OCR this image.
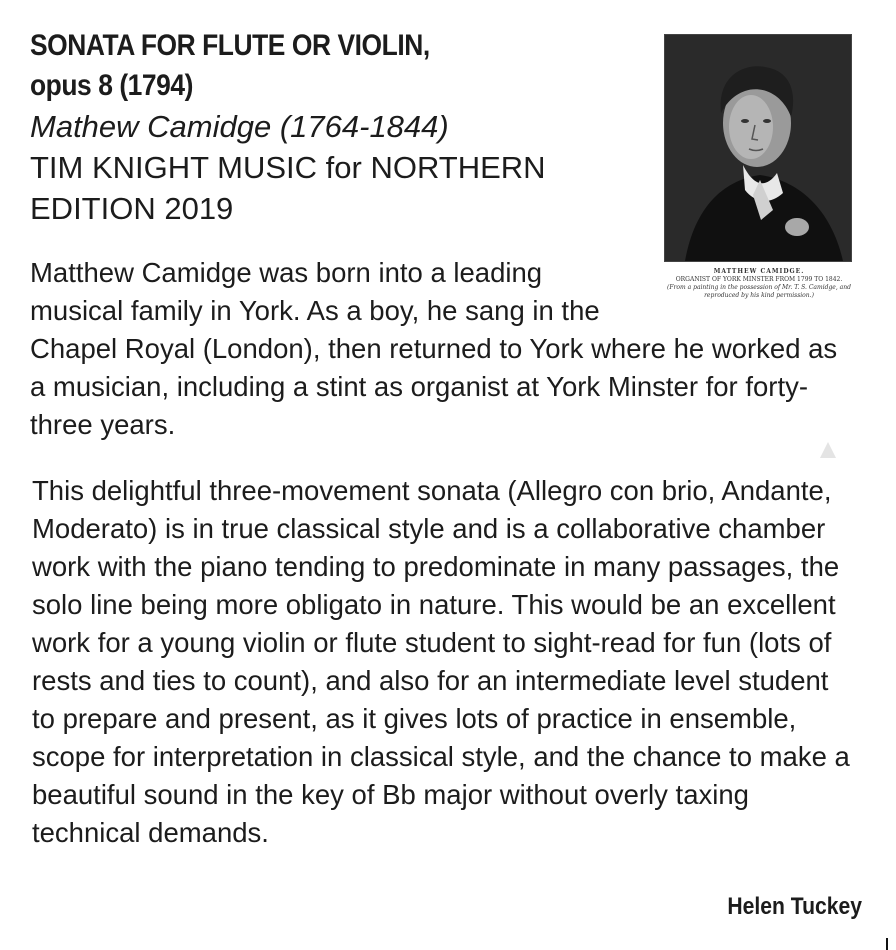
SONATA FOR FLUTE OR VIOLIN,
opus 8 (1794)
Mathew Camidge (1764-1844)
TIM KNIGHT MUSIC for NORTHERN EDITION 2019
MATTHEW CAMIDGE.
ORGANIST OF YORK MINSTER FROM 1799 TO 1842.
(From a painting in the possession of Mr. T. S. Camidge, and reproduced by his kind permission.)

Matthew Camidge was born into a leading musical family in York. As a boy, he sang in the Chapel Royal (London), then returned to York where he worked as a musician, including a stint as organist at York Minster for forty-three years.

This delightful three-movement sonata (Allegro con brio, Andante, Moderato) is in true classical style and is a collaborative chamber work with the piano tending to predominate in many passages, the solo line being more obligato in nature. This would be an excellent work for a young violin or flute student to sight-read for fun (lots of rests and ties to count), and also for an intermediate level student to prepare and present, as it gives lots of practice in ensemble, scope for interpretation in classical style, and the chance to make a beautiful sound in the key of Bb major without overly taxing technical demands.

Helen Tuckey
